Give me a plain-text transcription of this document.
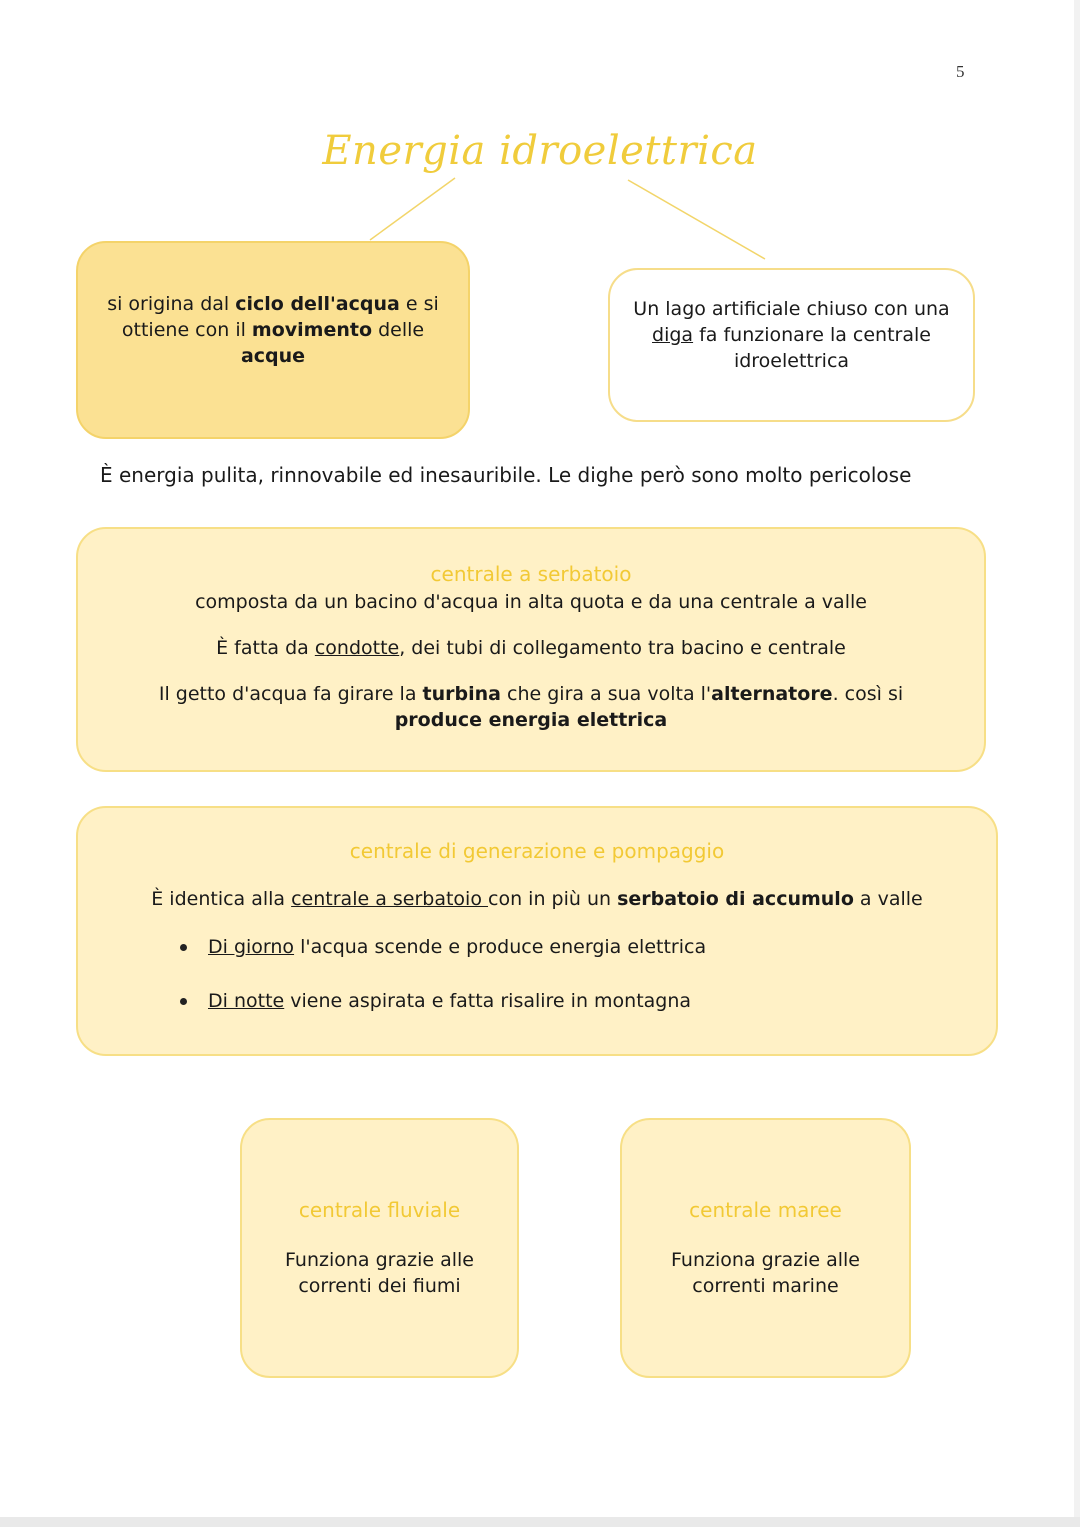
5
Energia idroelettrica
si origina dal ciclo dell'acqua e si ottiene con il movimento delle acque
Un lago artificiale chiuso con una diga fa funzionare la centrale idroelettrica
È energia pulita, rinnovabile ed inesauribile. Le dighe però sono molto pericolose
centrale a serbatoio
composta da un bacino d'acqua in alta quota e da una centrale a valle
È fatta da condotte, dei tubi di collegamento tra bacino e centrale
Il getto d'acqua fa girare la turbina che gira a sua volta l'alternatore. così si
produce energia elettrica
centrale di generazione e pompaggio
È identica alla centrale a serbatoio con in più un serbatoio di accumulo a valle
Di giorno l'acqua scende e produce energia elettrica
Di notte viene aspirata e fatta risalire in montagna
centrale fluviale
Funziona grazie alle correnti dei fiumi
centrale maree
Funziona grazie alle correnti marine
